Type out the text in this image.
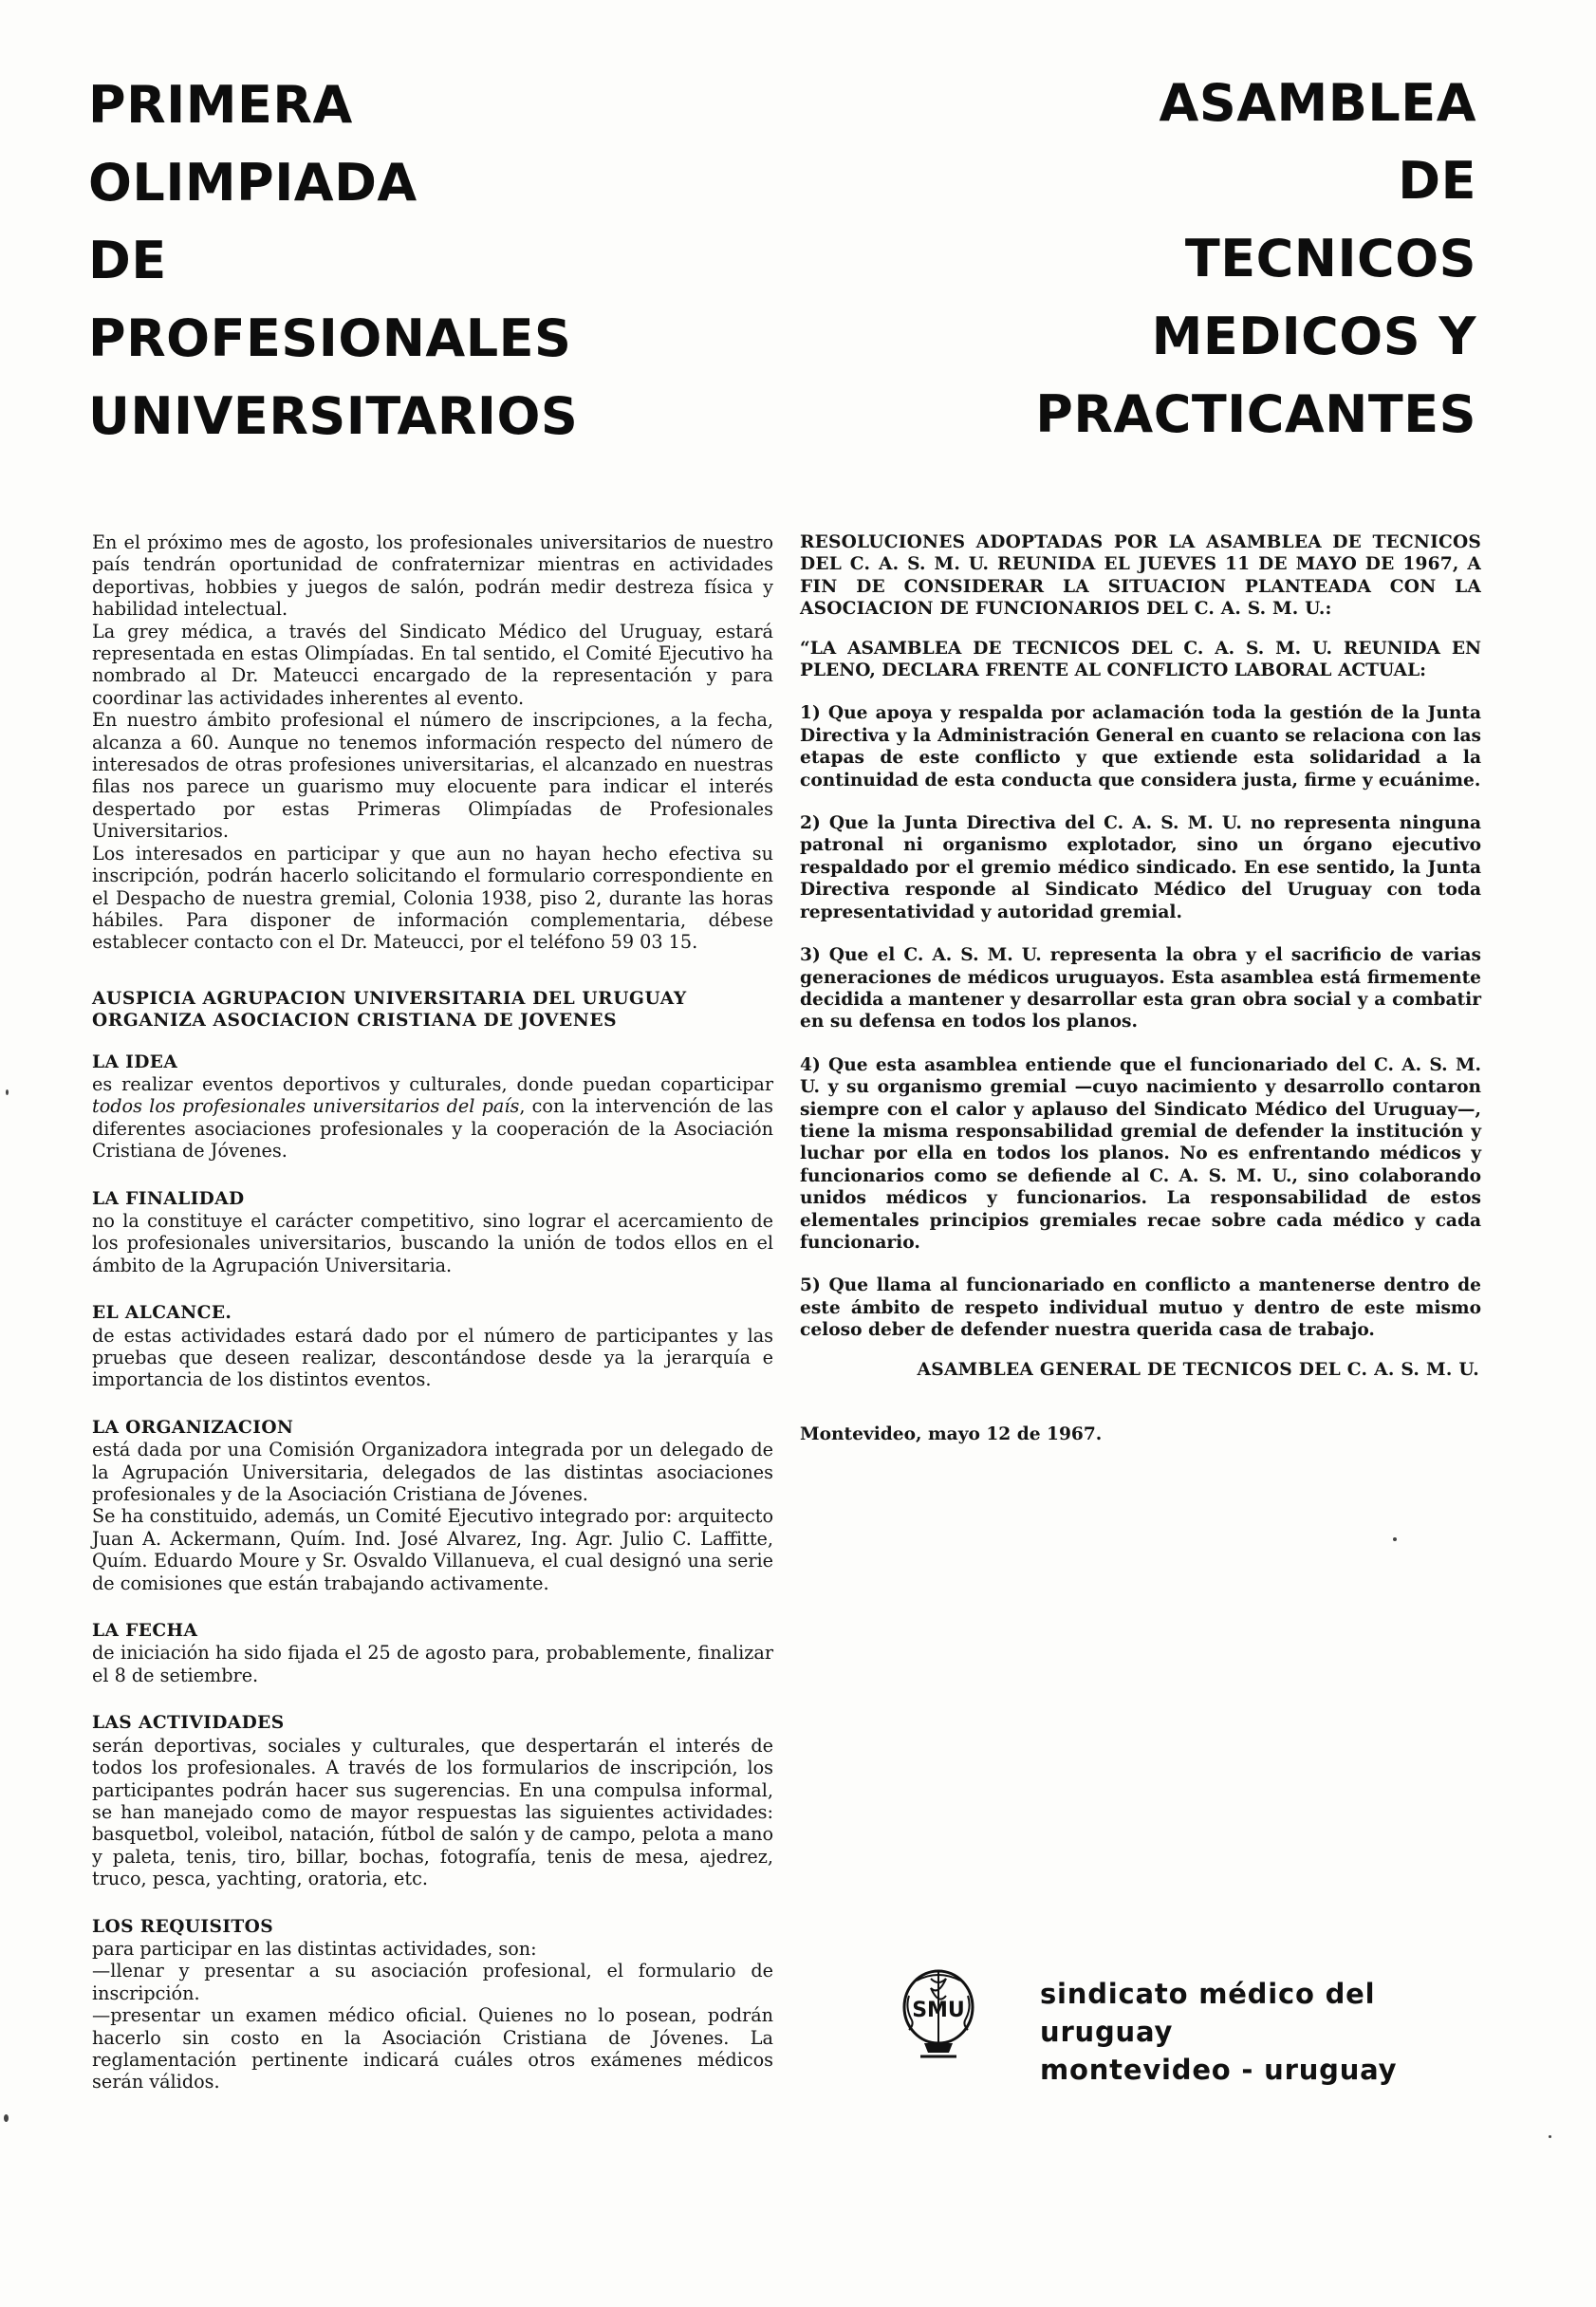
PRIMERA
OLIMPIADA
DE
PROFESIONALES
UNIVERSITARIOS
ASAMBLEA
DE
TECNICOS
MEDICOS Y
PRACTICANTES

En el próximo mes de agosto, los profesionales universitarios de nuestro país tendrán oportunidad de confraternizar mientras en actividades deportivas, hobbies y juegos de salón, podrán medir destreza física y habilidad intelectual.

La grey médica, a través del Sindicato Médico del Uruguay, estará representada en estas Olimpíadas. En tal sentido, el Comité Ejecutivo ha nombrado al Dr. Mateucci encargado de la representación y para coordinar las actividades inherentes al evento.

En nuestro ámbito profesional el número de inscripciones, a la fecha, alcanza a 60. Aunque no tenemos información respecto del número de interesados de otras profesiones universitarias, el alcanzado en nuestras filas nos parece un guarismo muy elocuente para indicar el interés despertado por estas Primeras Olimpíadas de Profesionales Universitarios.

Los interesados en participar y que aun no hayan hecho efectiva su inscripción, podrán hacerlo solicitando el formulario correspondiente en el Despacho de nuestra gremial, Colonia 1938, piso 2, durante las horas hábiles. Para disponer de información complementaria, débese establecer contacto con el Dr. Mateucci, por el teléfono 59 03 15.

AUSPICIA AGRUPACION UNIVERSITARIA DEL URUGUAY
ORGANIZA ASOCIACION CRISTIANA DE JOVENES
LA IDEA

es realizar eventos deportivos y culturales, donde puedan coparticipar todos los profesionales universitarios del país, con la intervención de las diferentes asociaciones profesionales y la cooperación de la Asociación Cristiana de Jóvenes.

LA FINALIDAD

no la constituye el carácter competitivo, sino lograr el acercamiento de los profesionales universitarios, buscando la unión de todos ellos en el ámbito de la Agrupación Universitaria.

EL ALCANCE.

de estas actividades estará dado por el número de participantes y las pruebas que deseen realizar, descontándose desde ya la jerarquía e importancia de los distintos eventos.

LA ORGANIZACION

está dada por una Comisión Organizadora integrada por un delegado de la Agrupación Universitaria, delegados de las distintas asociaciones profesionales y de la Asociación Cristiana de Jóvenes.

Se ha constituido, además, un Comité Ejecutivo integrado por: arquitecto Juan A. Ackermann, Quím. Ind. José Alvarez, Ing. Agr. Julio C. Laffitte, Quím. Eduardo Moure y Sr. Osvaldo Villanueva, el cual designó una serie de comisiones que están trabajando activamente.

LA FECHA

de iniciación ha sido fijada el 25 de agosto para, probablemente, finalizar el 8 de setiembre.

LAS ACTIVIDADES

serán deportivas, sociales y culturales, que despertarán el interés de todos los profesionales. A través de los formularios de inscripción, los participantes podrán hacer sus sugerencias. En una compulsa informal, se han manejado como de mayor respuestas las siguientes actividades: basquetbol, voleibol, natación, fútbol de salón y de campo, pelota a mano y paleta, tenis, tiro, billar, bochas, fotografía, tenis de mesa, ajedrez, truco, pesca, yachting, oratoria, etc.

LOS REQUISITOS

para participar en las distintas actividades, son:

—llenar y presentar a su asociación profesional, el formulario de inscripción.

—presentar un examen médico oficial. Quienes no lo posean, podrán hacerlo sin costo en la Asociación Cristiana de Jóvenes. La reglamentación pertinente indicará cuáles otros exámenes médicos serán válidos.

RESOLUCIONES ADOPTADAS POR LA ASAMBLEA DE TECNICOS DEL C. A. S. M. U. REUNIDA EL JUEVES 11 DE MAYO DE 1967, A FIN DE CONSIDERAR LA SITUACION PLANTEADA CON LA ASOCIACION DE FUNCIONARIOS DEL C. A. S. M. U.:

“LA ASAMBLEA DE TECNICOS DEL C. A. S. M. U. REUNIDA EN PLENO, DECLARA FRENTE AL CONFLICTO LABORAL ACTUAL:

1) Que apoya y respalda por aclamación toda la gestión de la Junta Directiva y la Administración General en cuanto se relaciona con las etapas de este conflicto y que extiende esta solidaridad a la continuidad de esta conducta que considera justa, firme y ecuánime.

2) Que la Junta Directiva del C. A. S. M. U. no representa ninguna patronal ni organismo explotador, sino un órgano ejecutivo respaldado por el gremio médico sindicado. En ese sentido, la Junta Directiva responde al Sindicato Médico del Uruguay con toda representatividad y autoridad gremial.

3) Que el C. A. S. M. U. representa la obra y el sacrificio de varias generaciones de médicos uruguayos. Esta asamblea está firmemente decidida a mantener y desarrollar esta gran obra social y a combatir en su defensa en todos los planos.

4) Que esta asamblea entiende que el funcionariado del C. A. S. M. U. y su organismo gremial —cuyo nacimiento y desarrollo contaron siempre con el calor y aplauso del Sindicato Médico del Uruguay—, tiene la misma responsabilidad gremial de defender la institución y luchar por ella en todos los planos. No es enfrentando médicos y funcionarios como se defiende al C. A. S. M. U., sino colaborando unidos médicos y funcionarios. La responsabilidad de estos elementales principios gremiales recae sobre cada médico y cada funcionario.

5) Que llama al funcionariado en conflicto a mantenerse dentro de este ámbito de respeto individual mutuo y dentro de este mismo celoso deber de defender nuestra querida casa de trabajo.

ASAMBLEA GENERAL DE TECNICOS DEL C. A. S. M. U.

Montevideo, mayo 12 de 1967.

SMU
sindicato médico del uruguay
montevideo - uruguay
